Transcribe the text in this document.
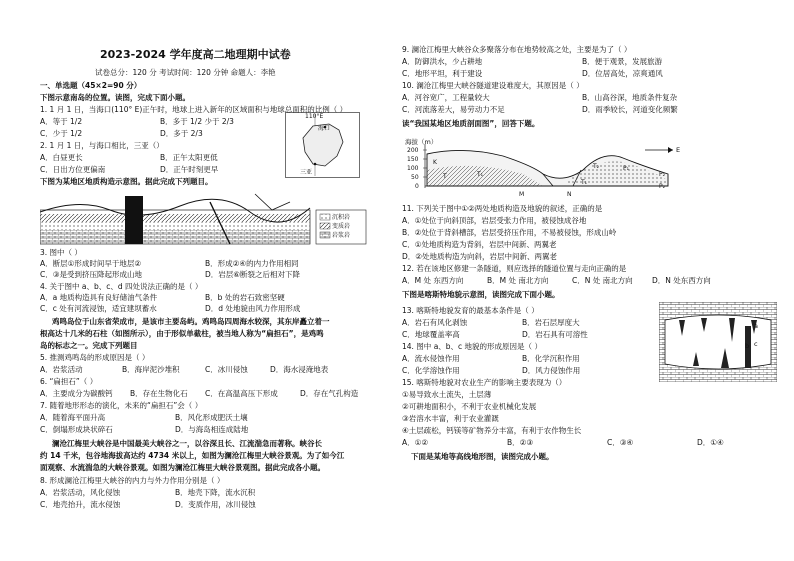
2023-2024 学年度高二地理期中试卷
试卷总分：120 分 考试时间：120 分钟 命题人：李艳
一、单选题（45×2=90 分）
下图示意南岛的位置。读图，完成下面小题。
1. 1 月 1 日，当海口(110° E)正午时，地球上进入新年的区域面积与地球总面积的比例（ ）
A．等于 1/2	B．多于 1/2 少于 2/3
C．少于 1/2	D．多于 2/3
2. 1 月 1 日，与海口相比，三亚（）
A．白昼更长	B．正午太阳更低
C．日出方位更偏南	D．正午时刻更早
110°E
海口
三亚
下图为某地区地质构造示意图。据此完成下列题目。
沉积岩
变质岩
岩浆岩
3. 图中（ ）
A．断层①形成时间早于地层②	B．形成②④的内力作用相同
C．③是受到挤压降起形成山地	D．岩层⑥断裂之后相对下降
4. 关于图中 a、b、c、d 四处说法正确的是（ ）
A．a 地质构造具有良好储油气条件	B．b 处的岩石致密坚硬
C．c 处有河流浸蚀，适宜建坝蓄水	D．d 处地貌由风力作用形成
鸡鸣岛位于山东省荣成市，是该市主要岛屿。鸡鸣岛四周海水较深，其东岸矗立着一
根高达十几米的石柱（如图所示），由于形似单截柱，被当地人称为“扁担石”，是鸡鸣
岛的标志之一。完成下列题目
5. 推测鸡鸣岛的形成原因是（ ）
A．岩浆活动	B．海岸泥沙堆积	C．冰川侵蚀	D．海水浸淹地表
6. “扁担石”（ ）
A．主要成分为碳酸钙 B．存在生物化石 C．在高温高压下形成	D．存在气孔构造
7. 随着地形形态的演化，未来的“扁担石”会（ ）
A．随着海平面升高	B．风化形成肥沃土壤
C．倒塌形成块状碎石	D．与海岛相连成陆地
澜沧江梅里大峡谷是中国最美大峡谷之一，以谷深且长、江流湍急而著称。峡谷长
约 14 千米，包谷地海拔高达约 4734 米以上，如图为澜沧江梅里大峡谷景观。为了如今江
面观察、水流湍急的大峡谷景观。如图为澜沧江梅里大峡谷景观图。据此完成各小题。
8. 形成澜沧江梅里大峡谷的内力与外力作用分别是（ ）
A．岩浆活动，风化侵蚀	B．地壳下降，流水沉积
C．地壳抬升，流水侵蚀	D．变质作用，冰川侵蚀
9. 澜沧江梅里大峡谷众多聚落分布在地势较高之处，主要是为了（ ）
A．防御洪水，少占耕地	B．便于观景，发展旅游
C．地形平坦，利于建设	D．位居高处，凉爽通风
10. 澜沧江梅里大峡谷隧道建设难度大，其原因是（ ）
A．河谷宽广，工程量较大	B．山高谷深，地质条件复杂
C．河流落差大，易劳动力不足	D．雨季较长，河道变化频繁
读“我国某地区地质剖面图”，回答下题。
海拔（m）
200
150
100
50
0
E
K
T	T₁
T₁
T₂	P₁
P₂
P₂
M	N
11. 下列关于图中①②两处地质构造及地貌的叙述，正确的是
A．①处位于向斜顶部，岩层受张力作用，被侵蚀成谷地
B．②处位于背斜槽部，岩层受挤压作用，不易被侵蚀，形成山岭
C．①处地质构造为背斜，岩层中间新、两翼老
D．②处地质构造为向斜，岩层中间新、两翼老
12. 若在该地区修建一条隧道，则应选择的隧道位置与走向正确的是
A．M 处 东西方向	B．M 处 南北方向	C．N 处 南北方向	D．N 处东西方向
下图是喀斯特地貌示意图，读图完成下面小题。
a
b c
13. 喀斯特地貌发育的最基本条件是（ ）
A．岩石有风化剥蚀	B．岩石层厚度大
C．地球覆盖率高	D．岩石具有可溶性
14. 图中 a、b、c 地貌的形成原因是（ ）
A．流水侵蚀作用	B．化学沉积作用
C．化学溶蚀作用	D．风力侵蚀作用
15. 喀斯特地貌对农业生产的影响主要表现为（）
①易导致水土流失，土层薄
②可耕地面积小，不利于农业机械化发展
③岩溶水丰富，利于农业灌溉
④土层疏松，钙镁等矿物养分丰富，有利于农作物生长
A．①②	B．②③	C．③④	D．①④
下面是某地等高线地形图，读图完成小题。
